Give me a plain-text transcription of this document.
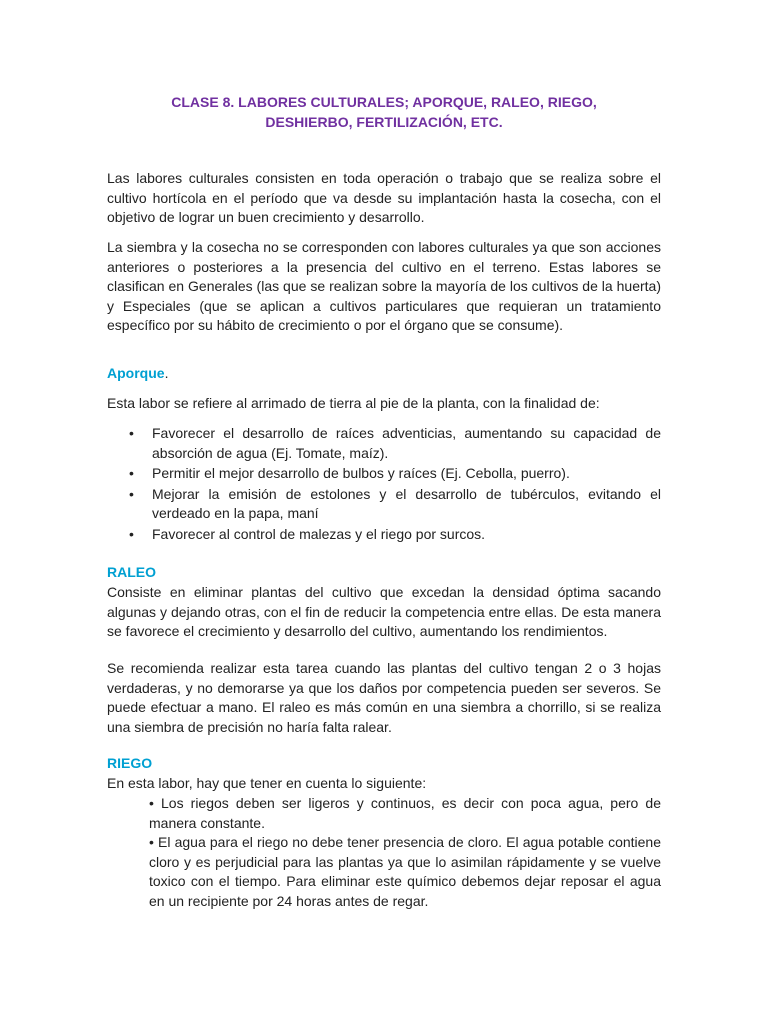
CLASE 8. LABORES CULTURALES; APORQUE, RALEO, RIEGO,
DESHIERBO, FERTILIZACIÓN, ETC.

Las labores culturales consisten en toda operación o trabajo que se realiza sobre el cultivo hortícola en el período que va desde su implantación hasta la cosecha, con el objetivo de lograr un buen crecimiento y desarrollo.

La siembra y la cosecha no se corresponden con labores culturales ya que son acciones anteriores o posteriores a la presencia del cultivo en el terreno. Estas labores se clasifican en Generales (las que se realizan sobre la mayoría de los cultivos de la huerta) y Especiales (que se aplican a cultivos particulares que requieran un tratamiento específico por su hábito de crecimiento o por el órgano que se consume).

Aporque.

Esta labor se refiere al arrimado de tierra al pie de la planta, con la finalidad de:

• Favorecer el desarrollo de raíces adventicias, aumentando su capacidad de absorción de agua (Ej. Tomate, maíz).
• Permitir el mejor desarrollo de bulbos y raíces (Ej. Cebolla, puerro).
• Mejorar la emisión de estolones y el desarrollo de tubérculos, evitando el verdeado en la papa, maní
• Favorecer al control de malezas y el riego por surcos.

RALEO

Consiste en eliminar plantas del cultivo que excedan la densidad óptima sacando algunas y dejando otras, con el fin de reducir la competencia entre ellas. De esta manera se favorece el crecimiento y desarrollo del cultivo, aumentando los rendimientos.

Se recomienda realizar esta tarea cuando las plantas del cultivo tengan 2 o 3 hojas verdaderas, y no demorarse ya que los daños por competencia pueden ser severos. Se puede efectuar a mano. El raleo es más común en una siembra a chorrillo, si se realiza una siembra de precisión no haría falta ralear.

RIEGO

En esta labor, hay que tener en cuenta lo siguiente:

• Los riegos deben ser ligeros y continuos, es decir con poca agua, pero de manera constante.
• El agua para el riego no debe tener presencia de cloro. El agua potable contiene cloro y es perjudicial para las plantas ya que lo asimilan rápidamente y se vuelve toxico con el tiempo. Para eliminar este químico debemos dejar reposar el agua en un recipiente por 24 horas antes de regar.
